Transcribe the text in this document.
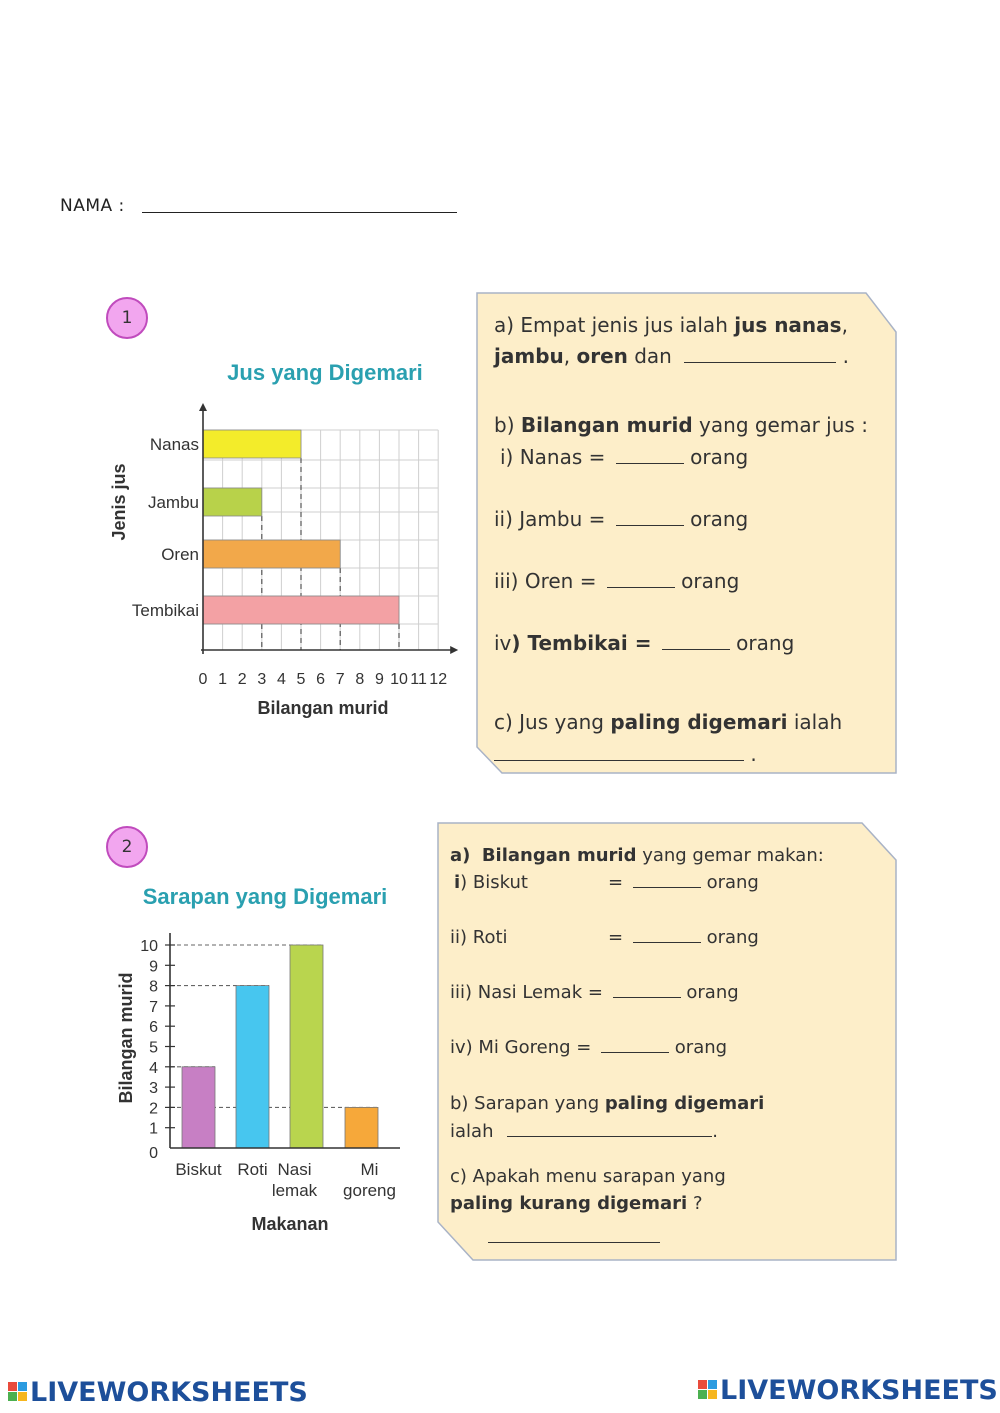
NAMA :
1
Jus yang Digemari
Nanas
Jambu
Oren
Tembikai
0 1 2 3 4 5 6 7 8 9 10 11 12
Bilangan murid
Jenis jus
a) Empat jenis jus ialah jus nanas,
jambu, oren dan	.
b) Bilangan murid yang gemar jus :
i) Nanas =	orang
ii) Jambu =	orang
iii) Oren =	orang
iv) Tembikai =	orang
c) Jus yang paling digemari ialah
.
2
Sarapan yang Digemari
Biskut Roti Nasi
lemak
Mi
goreng
0
1
2
3
4
5
6
7
8
9
10
Makanan
Bilangan murid
a) Bilangan murid yang gemar makan:
i) Biskut	=	orang
ii) Roti	=	orang
iii) Nasi Lemak =	orang
iv) Mi Goreng =	orang
b) Sarapan yang paling digemari
ialah	.
c) Apakah menu sarapan yang
paling kurang digemari ?
LIVEWORKSHEETS	LIVEWORKSHEETS
